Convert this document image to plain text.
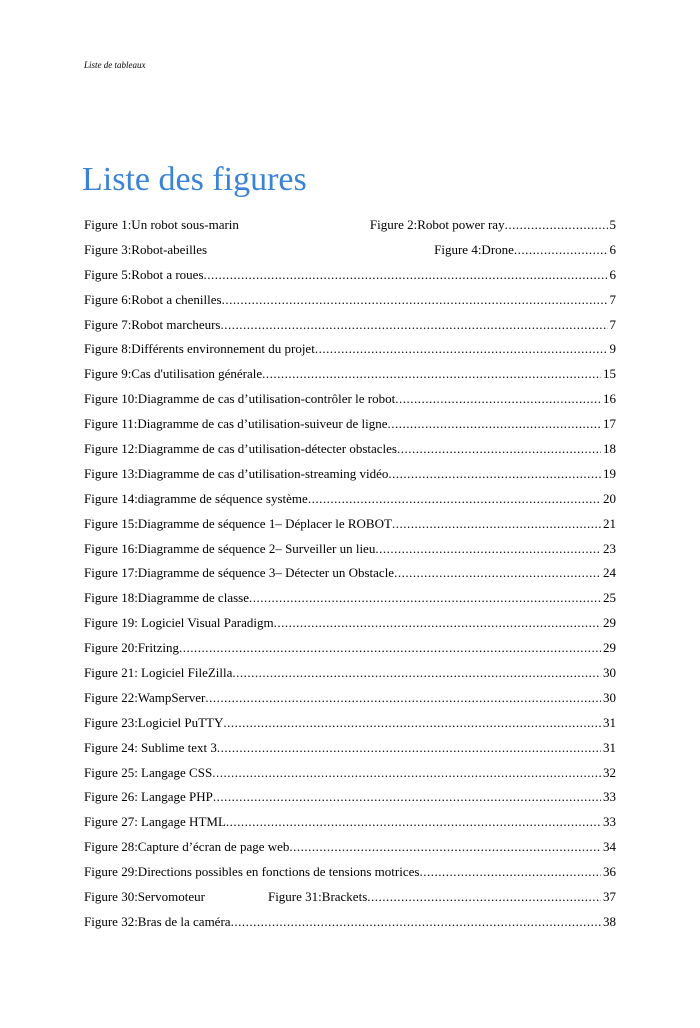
Liste de tableaux
Liste des figures
Figure 1:Un robot sous-marin	Figure 2:Robot power ray .....	5
Figure 3:Robot-abeilles	Figure 4:Drone .....	6
Figure 5:Robot a roues .....	6
Figure 6:Robot a chenilles .....	7
Figure 7:Robot marcheurs .....	7
Figure 8:Différents environnement du projet .....	9
Figure 9:Cas d'utilisation générale .....	15
Figure 10:Diagramme de cas d’utilisation-contrôler le robot .....	16
Figure 11:Diagramme de cas d’utilisation-suiveur de ligne .....	17
Figure 12:Diagramme de cas d’utilisation-détecter obstacles .....	18
Figure 13:Diagramme de cas d’utilisation-streaming vidéo .....	19
Figure 14:diagramme de séquence système .....	20
Figure 15:Diagramme de séquence 1– Déplacer le ROBOT .....	21
Figure 16:Diagramme de séquence 2– Surveiller un lieu .....	23
Figure 17:Diagramme de séquence 3– Détecter un Obstacle .....	24
Figure 18:Diagramme de classe .....	25
Figure 19: Logiciel Visual Paradigm .....	29
Figure 20:Fritzing .....	29
Figure 21: Logiciel FileZilla .....	30
Figure 22:WampServer .....	30
Figure 23:Logiciel PuTTY .....	31
Figure 24: Sublime text 3 .....	31
Figure 25: Langage CSS .....	32
Figure 26: Langage PHP .....	33
Figure 27: Langage HTML .....	33
Figure 28:Capture d’écran de page web .....	34
Figure 29:Directions possibles en fonctions de tensions motrices .....	36
Figure 30:Servomoteur	Figure 31:Brackets .....	37
Figure 32:Bras de la caméra .....	38
